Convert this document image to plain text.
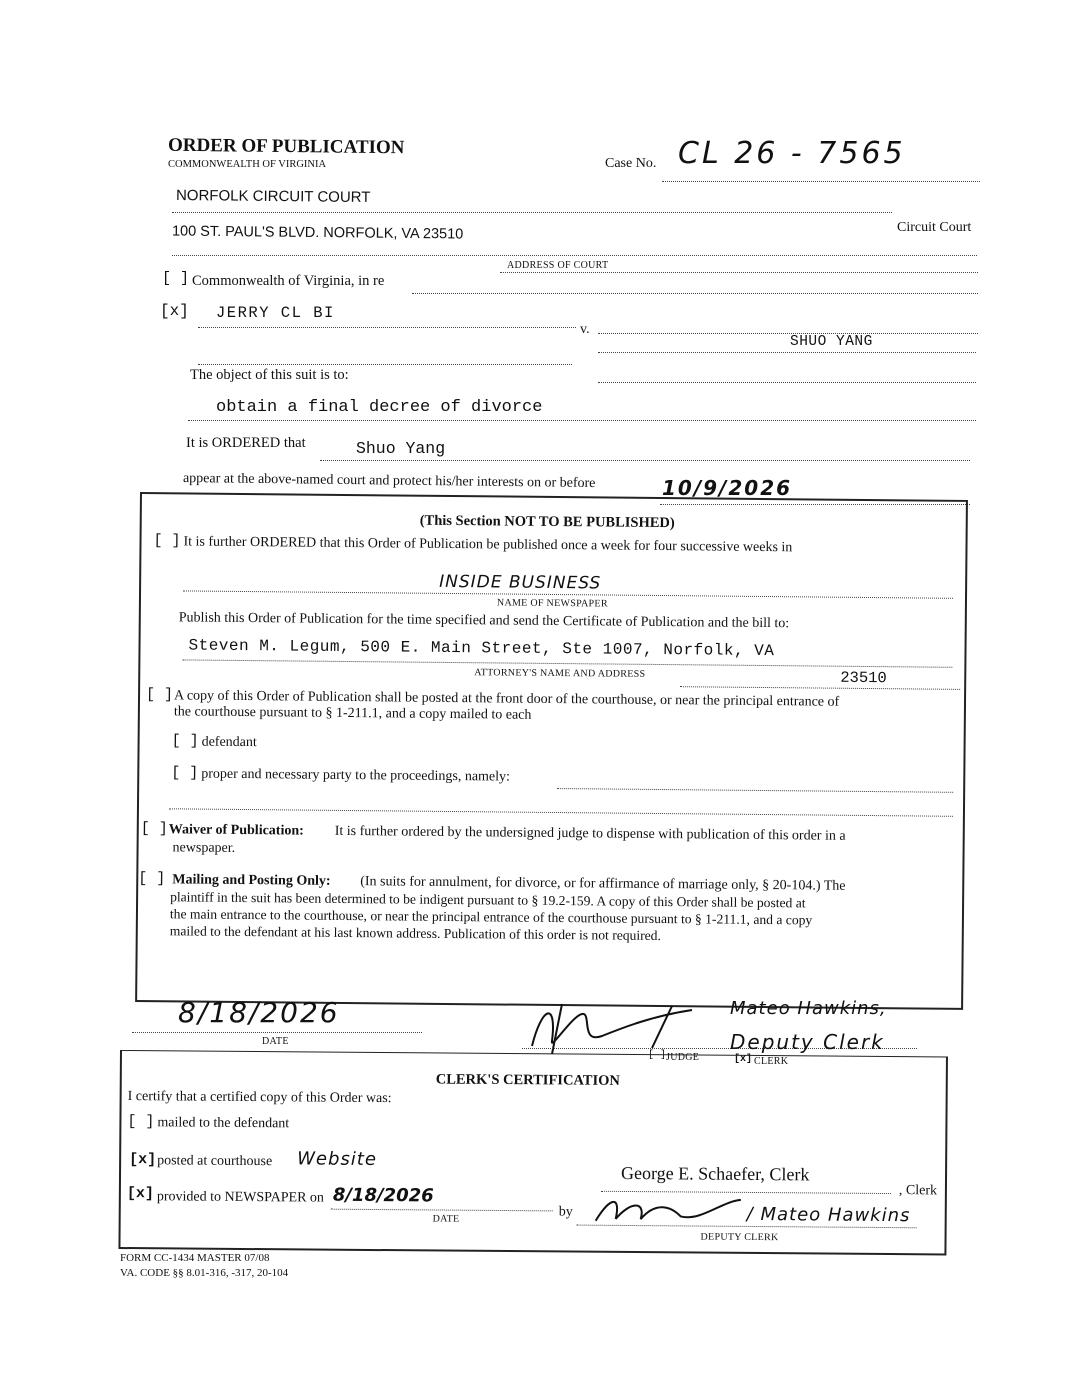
ORDER OF PUBLICATION
COMMONWEALTH OF VIRGINIA	Case No. CL 26 - 7565
NORFOLK CIRCUIT COURT
Circuit Court
100 ST. PAUL'S BLVD. NORFOLK, VA 23510
ADDRESS OF COURT
[ ] Commonwealth of Virginia, in re
[x] JERRY CL BI
v.
SHUO YANG
The object of this suit is to:
obtain a final decree of divorce
It is ORDERED that	Shuo Yang
appear at the above-named court and protect his/her interests on or before	10/9/2026
(This Section NOT TO BE PUBLISHED)
[ ] It is further ORDERED that this Order of Publication be published once a week for four successive weeks in
INSIDE BUSINESS
NAME OF NEWSPAPER
Publish this Order of Publication for the time specified and send the Certificate of Publication and the bill to:
Steven M. Legum, 500 E. Main Street, Ste 1007, Norfolk, VA
ATTORNEY'S NAME AND ADDRESS	23510
[ ] A copy of this Order of Publication shall be posted at the front door of the courthouse, or near the principal entrance of
the courthouse pursuant to § 1-211.1, and a copy mailed to each
[ ] defendant
[ ] proper and necessary party to the proceedings, namely:
[ ] Waiver of Publication: It is further ordered by the undersigned judge to dispense with publication of this order in a
newspaper.
[ ] Mailing and Posting Only: (In suits for annulment, for divorce, or for affirmance of marriage only, § 20-104.) The
plaintiff in the suit has been determined to be indigent pursuant to § 19.2-159. A copy of this Order shall be posted at
the main entrance to the courthouse, or near the principal entrance of the courthouse pursuant to § 1-211.1, and a copy
mailed to the defendant at his last known address. Publication of this order is not required.
8/18/2026
DATE
Mateo Hawkins,
Deputy Clerk
[ ] JUDGE	[x] CLERK
CLERK'S CERTIFICATION
I certify that a certified copy of this Order was:
[ ] mailed to the defendant
[x] posted at courthouse Website
George E. Schaefer, Clerk
, Clerk
[x] provided to NEWSPAPER on 8/18/2026
DATE	by	/ Mateo Hawkins
DEPUTY CLERK
FORM CC-1434 MASTER 07/08
VA. CODE §§ 8.01-316, -317, 20-104
